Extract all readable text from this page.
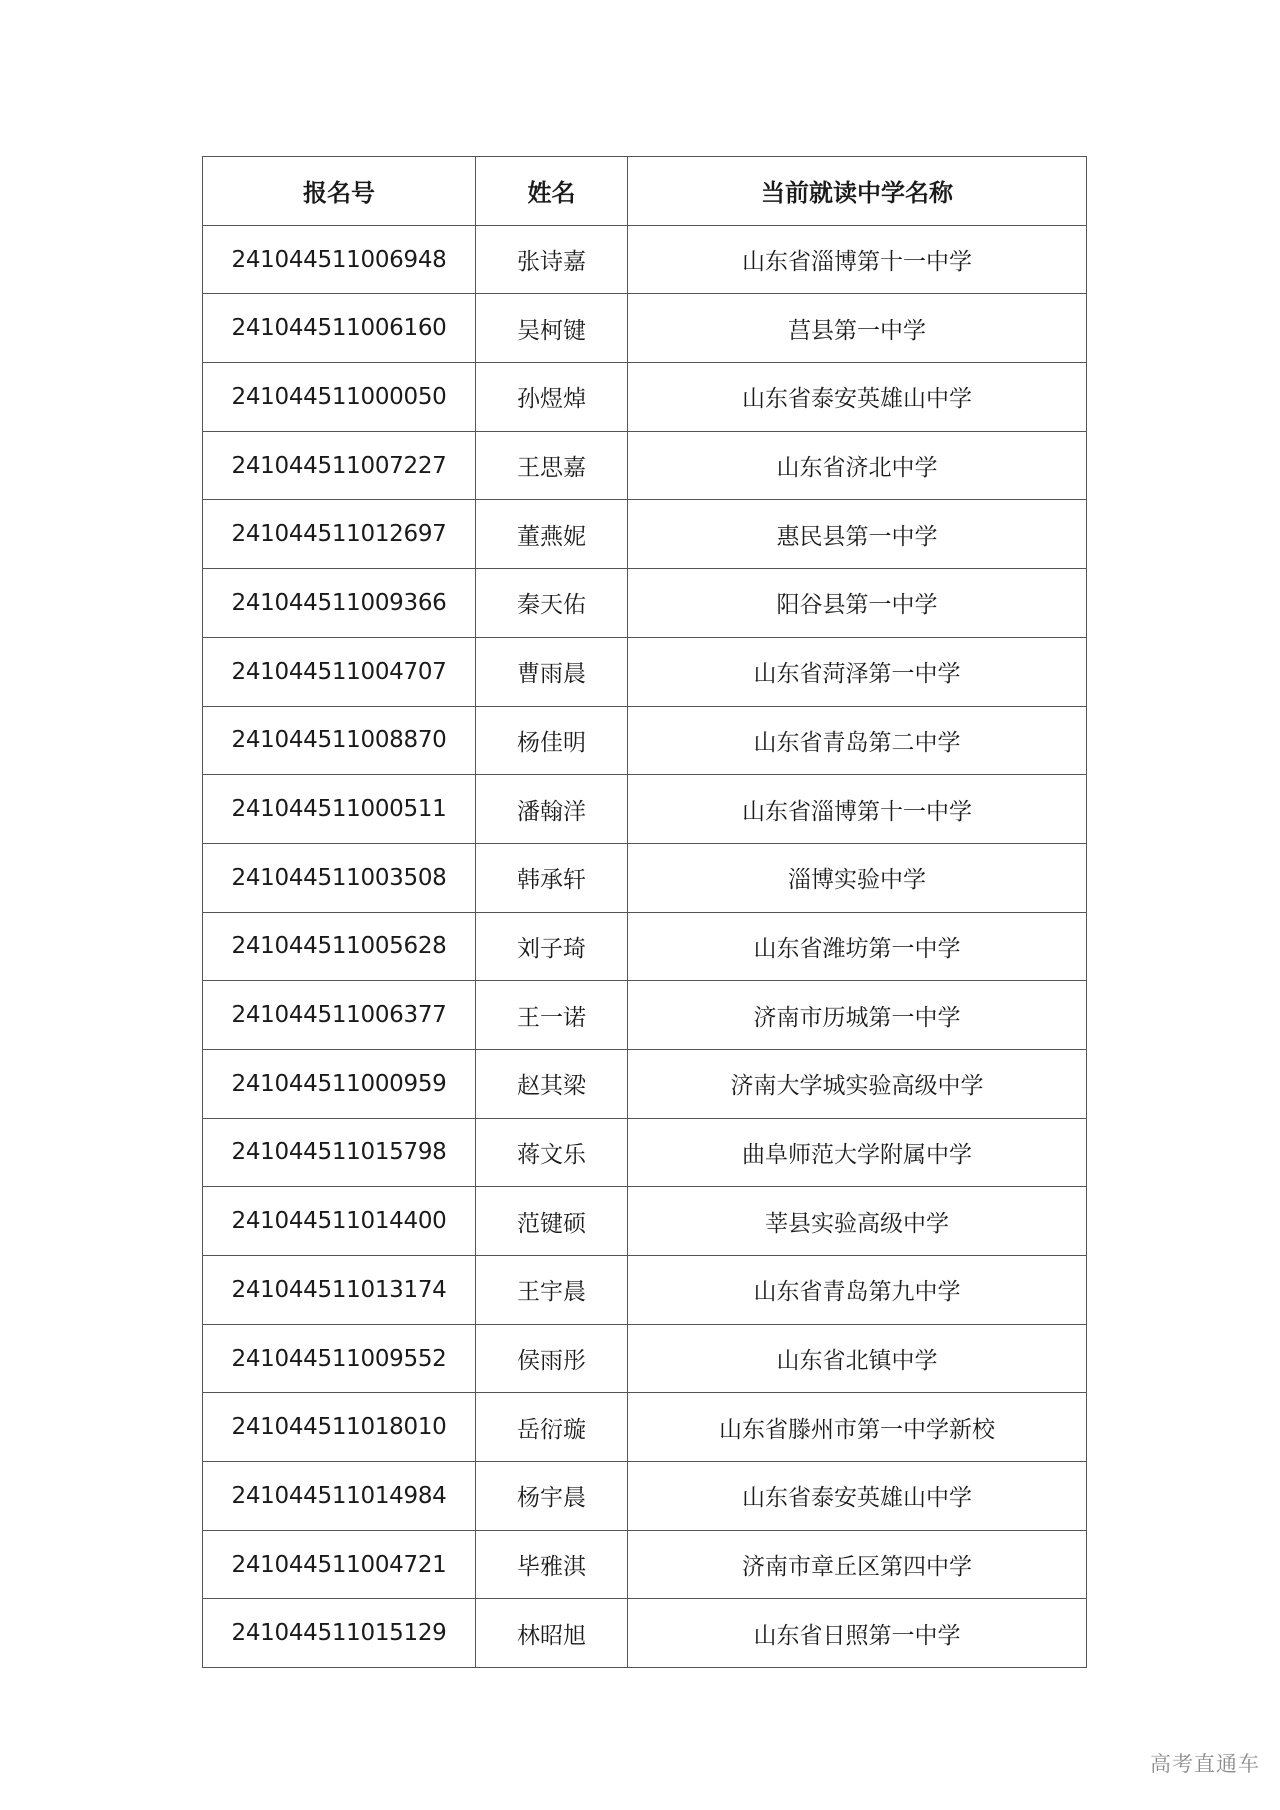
报名号	姓名	当前就读中学名称
241044511006948	张诗嘉	山东省淄博第十一中学
241044511006160	吴柯键	莒县第一中学
241044511000050	孙煜焯	山东省泰安英雄山中学
241044511007227	王思嘉	山东省济北中学
241044511012697	董燕妮	惠民县第一中学
241044511009366	秦天佑	阳谷县第一中学
241044511004707	曹雨晨	山东省菏泽第一中学
241044511008870	杨佳明	山东省青岛第二中学
241044511000511	潘翰洋	山东省淄博第十一中学
241044511003508	韩承轩	淄博实验中学
241044511005628	刘子琦	山东省潍坊第一中学
241044511006377	王一诺	济南市历城第一中学
241044511000959	赵其梁	济南大学城实验高级中学
241044511015798	蒋文乐	曲阜师范大学附属中学
241044511014400	范键硕	莘县实验高级中学
241044511013174	王宇晨	山东省青岛第九中学
241044511009552	侯雨彤	山东省北镇中学
241044511018010	岳衍璇	山东省滕州市第一中学新校
241044511014984	杨宇晨	山东省泰安英雄山中学
241044511004721	毕雅淇	济南市章丘区第四中学
241044511015129	林昭旭	山东省日照第一中学
高考直通车
